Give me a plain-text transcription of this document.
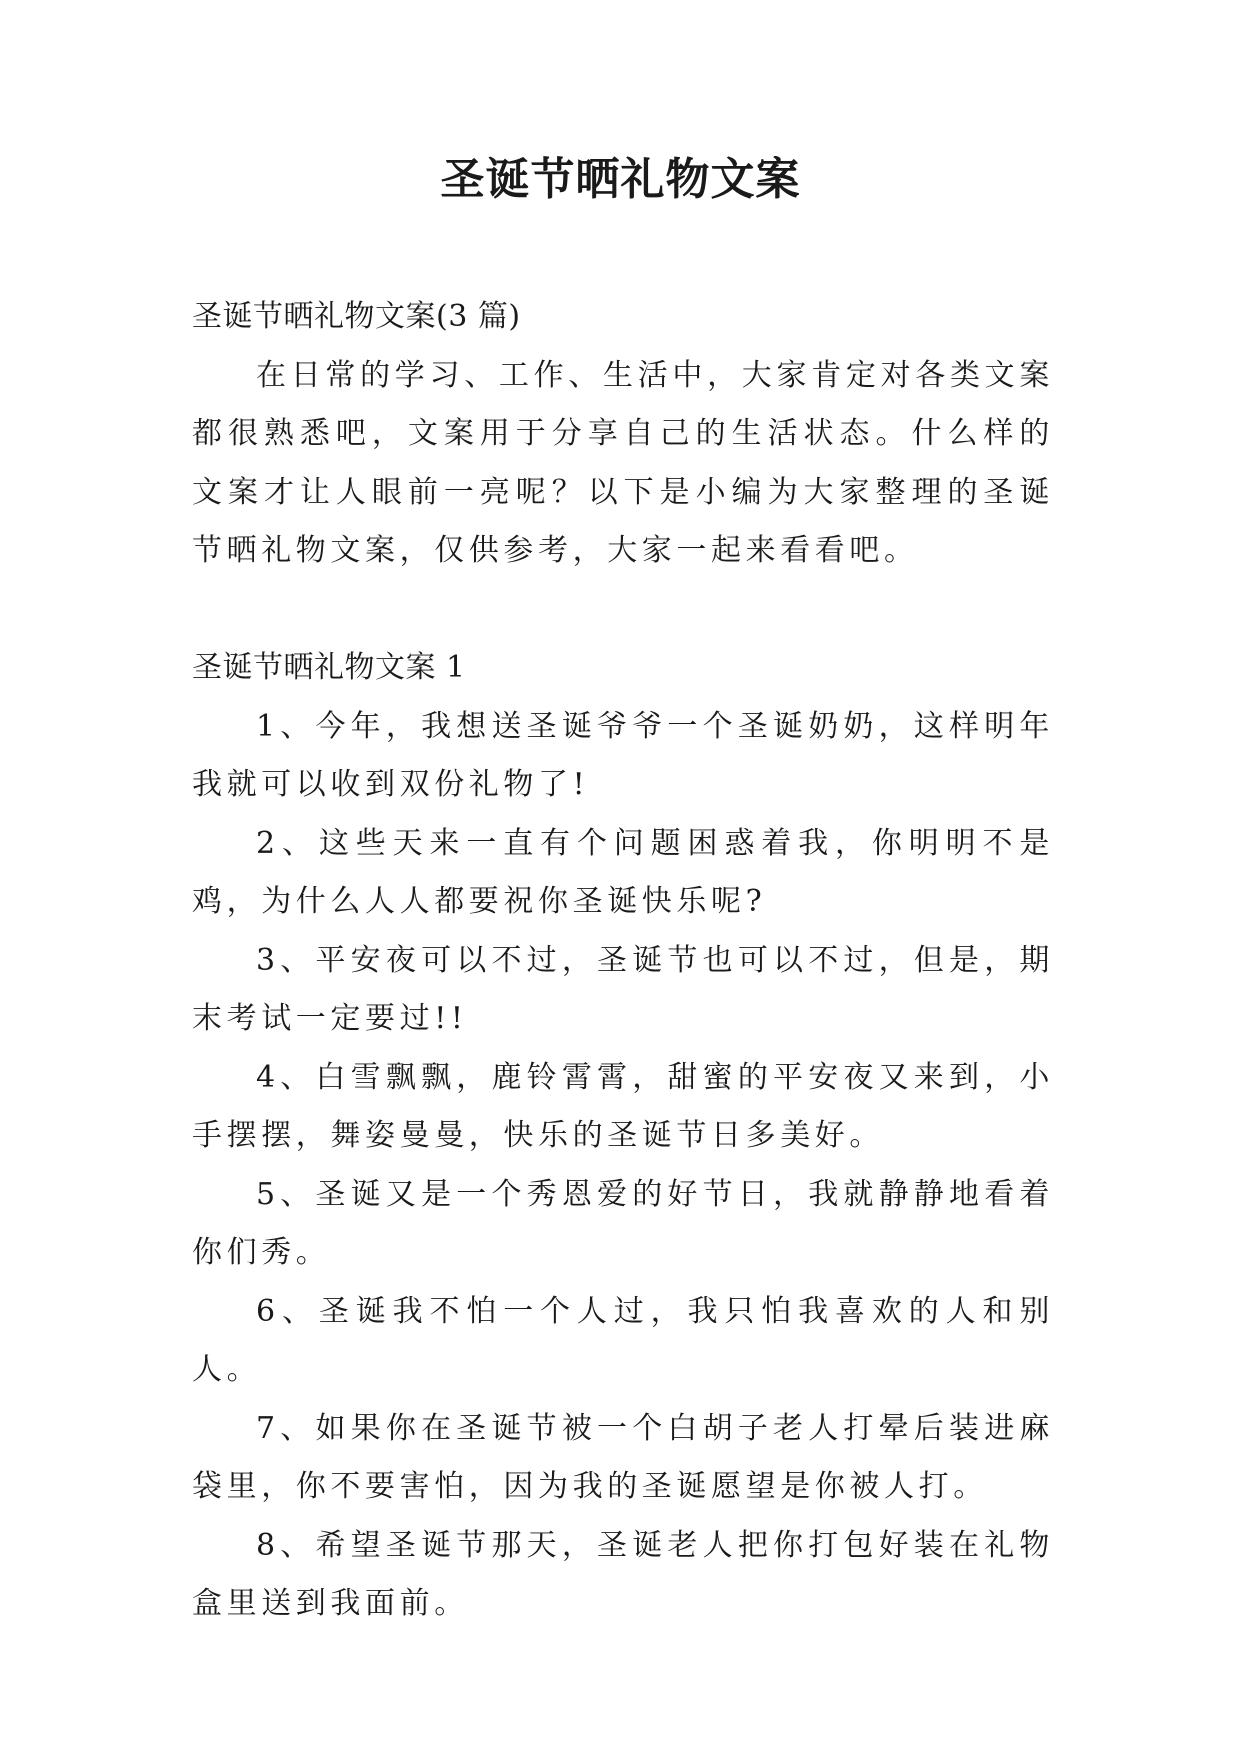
圣诞节晒礼物文案

圣诞节晒礼物文案(3 篇)

在日常的学习、工作、生活中，大家肯定对各类文案都很熟悉吧，文案用于分享自己的生活状态。什么样的文案才让人眼前一亮呢？以下是小编为大家整理的圣诞节晒礼物文案，仅供参考，大家一起来看看吧。

圣诞节晒礼物文案 1

1、今年，我想送圣诞爷爷一个圣诞奶奶，这样明年我就可以收到双份礼物了!

2、这些天来一直有个问题困惑着我，你明明不是鸡，为什么人人都要祝你圣诞快乐呢?

3、平安夜可以不过，圣诞节也可以不过，但是，期末考试一定要过!!

4、白雪飘飘，鹿铃霄霄，甜蜜的平安夜又来到，小手摆摆，舞姿曼曼，快乐的圣诞节日多美好。

5、圣诞又是一个秀恩爱的好节日，我就静静地看着你们秀。

6、圣诞我不怕一个人过，我只怕我喜欢的人和别人。

7、如果你在圣诞节被一个白胡子老人打晕后装进麻袋里，你不要害怕，因为我的圣诞愿望是你被人打。

8、希望圣诞节那天，圣诞老人把你打包好装在礼物盒里送到我面前。
